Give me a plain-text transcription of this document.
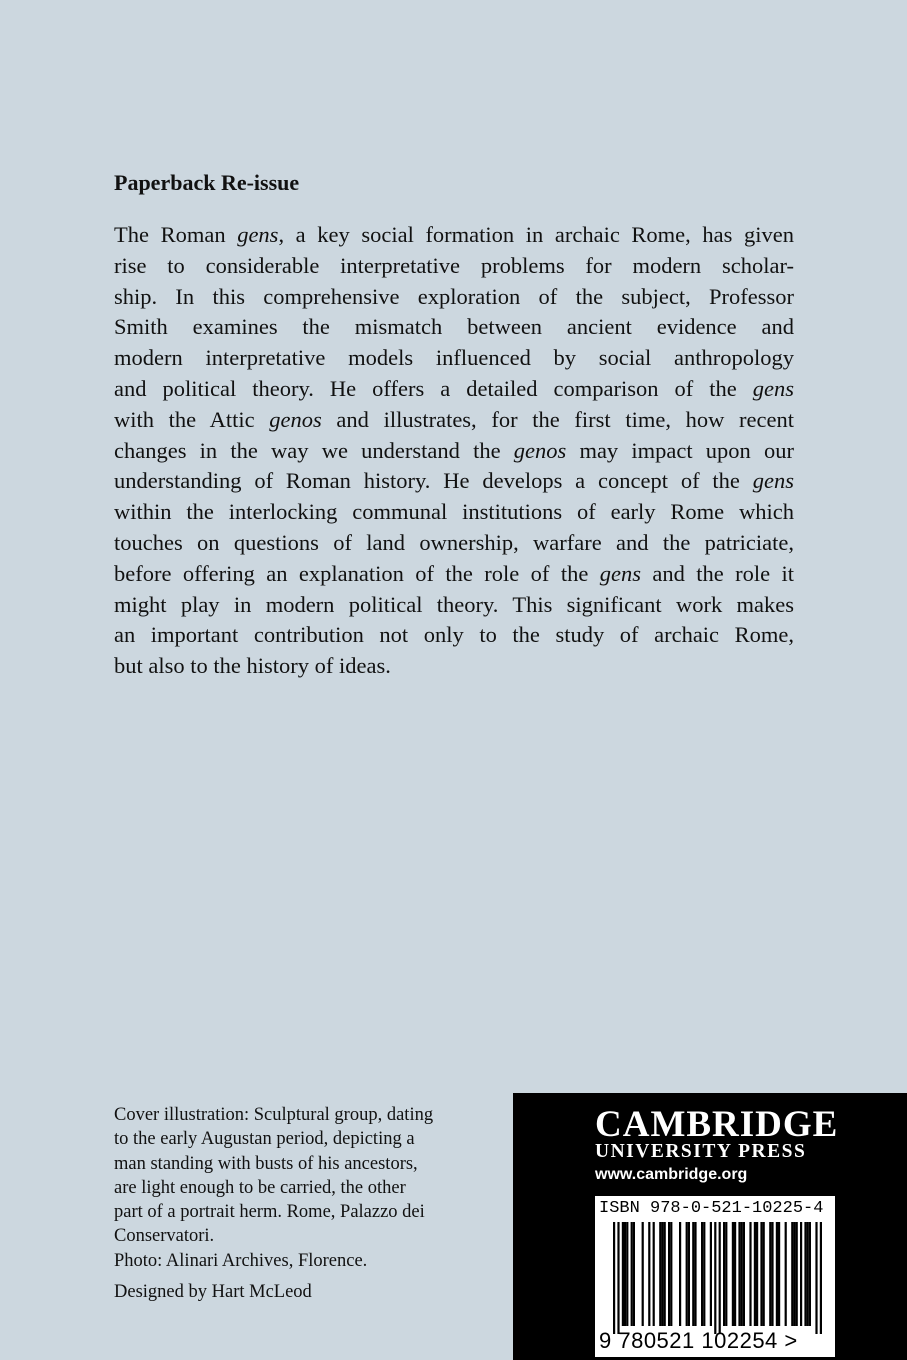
Paperback Re-issue
The Roman gens, a key social formation in archaic Rome, has given
rise to considerable interpretative problems for modern scholar-
ship. In this comprehensive exploration of the subject, Professor
Smith examines the mismatch between ancient evidence and
modern interpretative models influenced by social anthropology
and political theory. He offers a detailed comparison of the gens
with the Attic genos and illustrates, for the first time, how recent
changes in the way we understand the genos may impact upon our
understanding of Roman history. He develops a concept of the gens
within the interlocking communal institutions of early Rome which
touches on questions of land ownership, warfare and the patriciate,
before offering an explanation of the role of the gens and the role it
might play in modern political theory. This significant work makes
an important contribution not only to the study of archaic Rome,
but also to the history of ideas.
Cover illustration: Sculptural group, dating
to the early Augustan period, depicting a
man standing with busts of his ancestors,
are light enough to be carried, the other
part of a portrait herm. Rome, Palazzo dei
Conservatori.
Photo: Alinari Archives, Florence.
Designed by Hart McLeod
CAMBRIDGE
UNIVERSITY PRESS
www.cambridge.org
ISBN 978-0-521-10225-4
9 780521 102254 >
